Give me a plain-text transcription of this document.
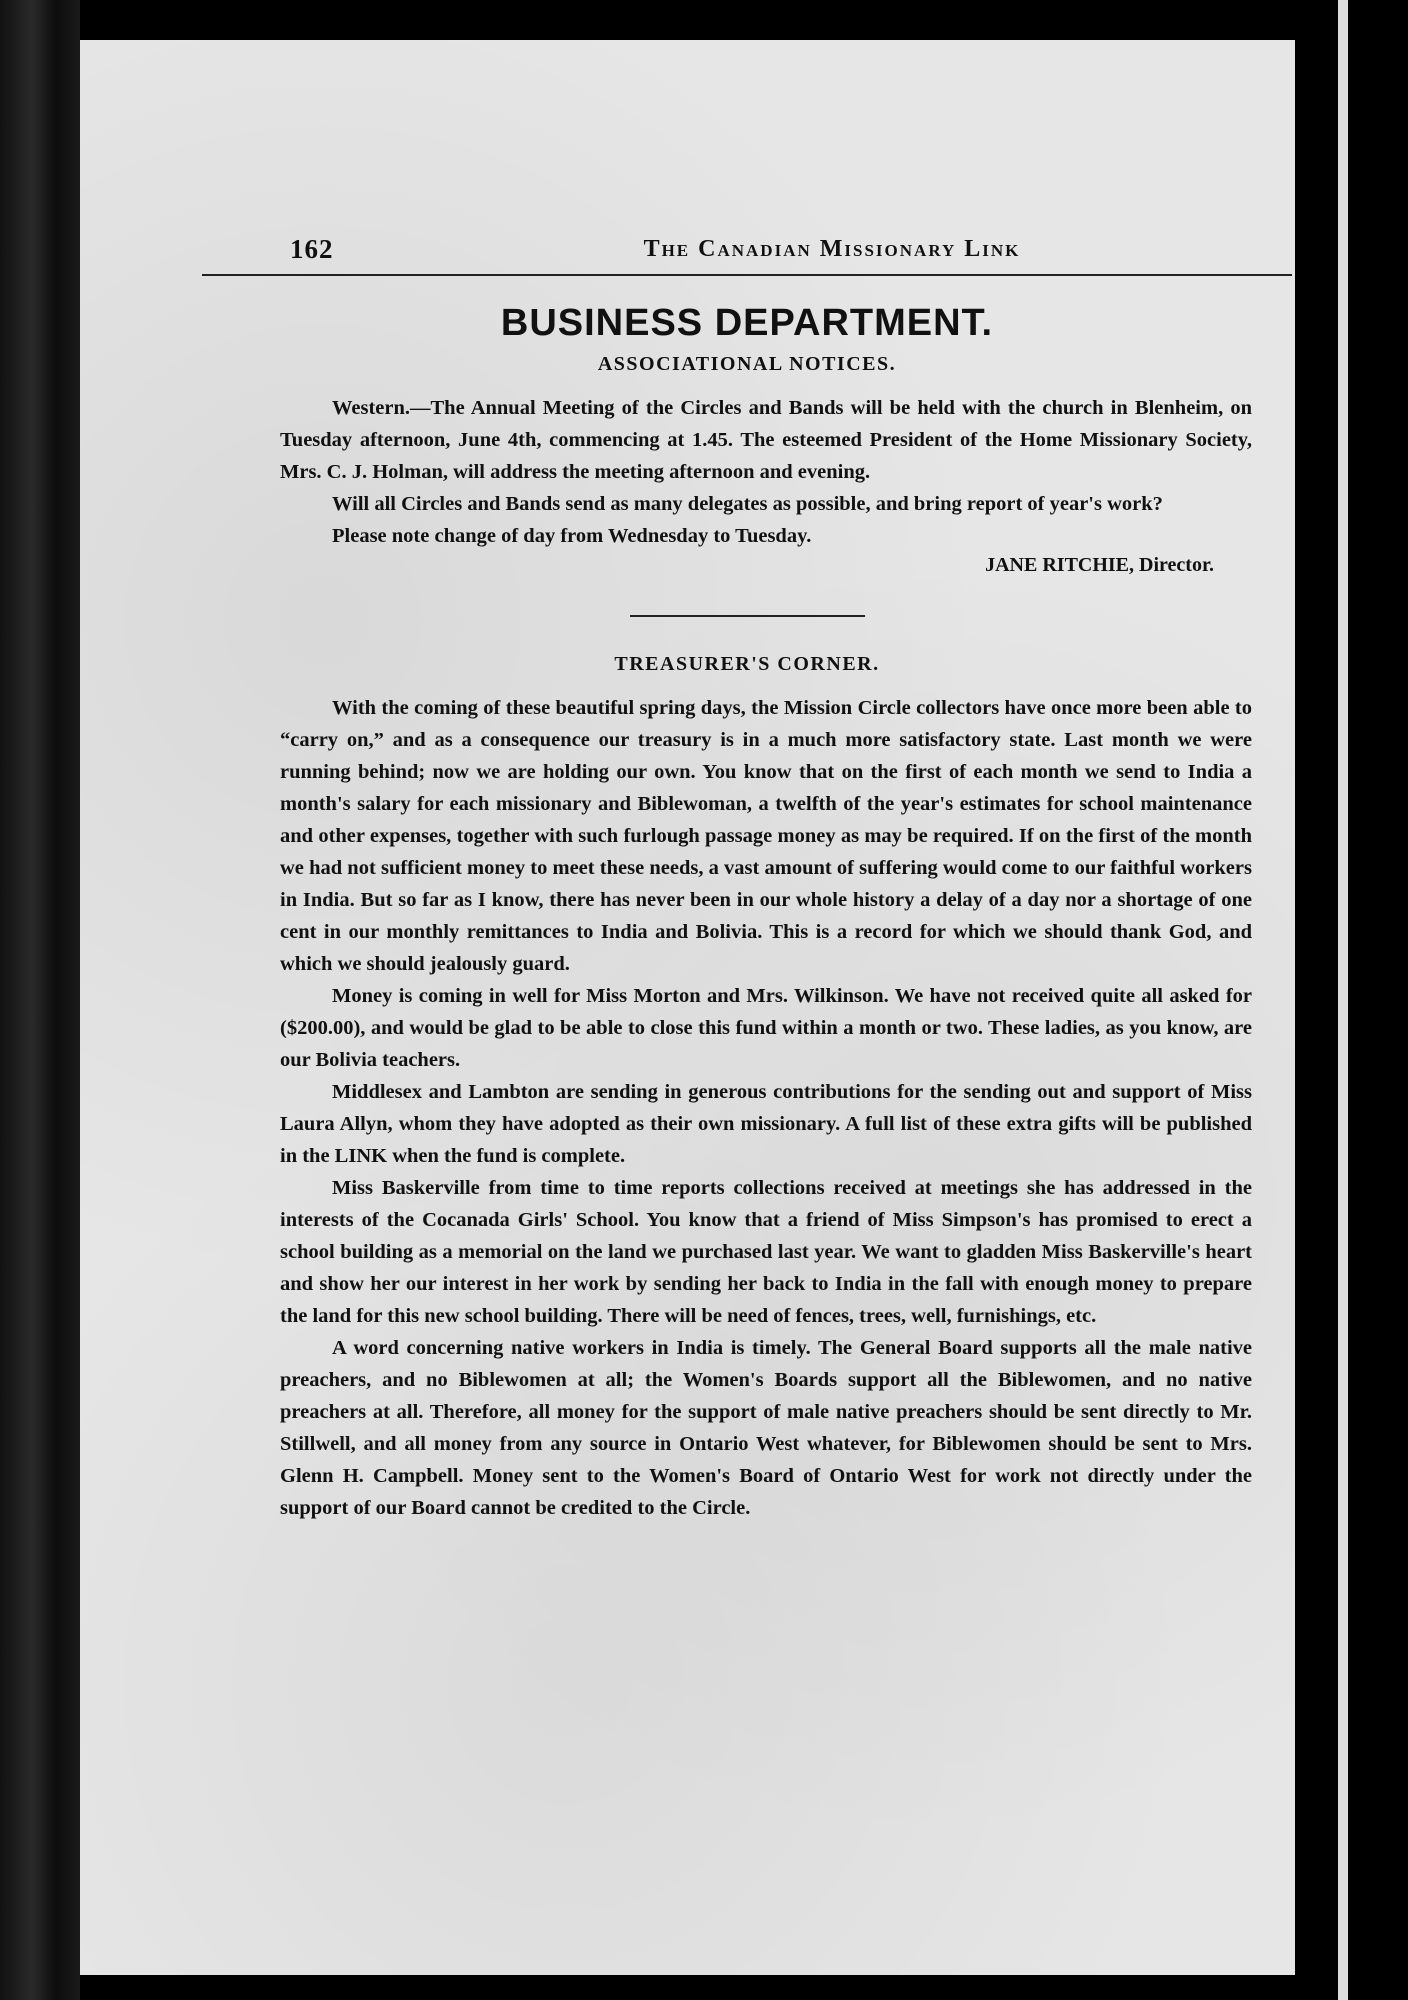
162	The Canadian Missionary Link
BUSINESS DEPARTMENT.
ASSOCIATIONAL NOTICES.

Western.—The Annual Meeting of the Circles and Bands will be held with the church in Blenheim, on Tuesday afternoon, June 4th, commencing at 1.45. The esteemed President of the Home Missionary Society, Mrs. C. J. Holman, will address the meeting afternoon and evening.

Will all Circles and Bands send as many delegates as possible, and bring report of year's work?

Please note change of day from Wednesday to Tuesday.

JANE RITCHIE, Director.
TREASURER'S CORNER.

With the coming of these beautiful spring days, the Mission Circle collectors have once more been able to “carry on,” and as a consequence our treasury is in a much more satisfactory state. Last month we were running behind; now we are holding our own. You know that on the first of each month we send to India a month's salary for each missionary and Biblewoman, a twelfth of the year's estimates for school maintenance and other expenses, together with such furlough passage money as may be required. If on the first of the month we had not sufficient money to meet these needs, a vast amount of suffering would come to our faithful workers in India. But so far as I know, there has never been in our whole history a delay of a day nor a shortage of one cent in our monthly remittances to India and Bolivia. This is a record for which we should thank God, and which we should jealously guard.

Money is coming in well for Miss Morton and Mrs. Wilkinson. We have not received quite all asked for ($200.00), and would be glad to be able to close this fund within a month or two. These ladies, as you know, are our Bolivia teachers.

Middlesex and Lambton are sending in generous contributions for the sending out and support of Miss Laura Allyn, whom they have adopted as their own missionary. A full list of these extra gifts will be published in the LINK when the fund is complete.

Miss Baskerville from time to time reports collections received at meetings she has addressed in the interests of the Cocanada Girls' School. You know that a friend of Miss Simpson's has promised to erect a school building as a memorial on the land we purchased last year. We want to gladden Miss Baskerville's heart and show her our interest in her work by sending her back to India in the fall with enough money to prepare the land for this new school building. There will be need of fences, trees, well, furnishings, etc.

A word concerning native workers in India is timely. The General Board supports all the male native preachers, and no Biblewomen at all; the Women's Boards support all the Biblewomen, and no native preachers at all. Therefore, all money for the support of male native preachers should be sent directly to Mr. Stillwell, and all money from any source in Ontario West whatever, for Biblewomen should be sent to Mrs. Glenn H. Campbell. Money sent to the Women's Board of Ontario West for work not directly under the support of our Board cannot be credited to the Circle.
